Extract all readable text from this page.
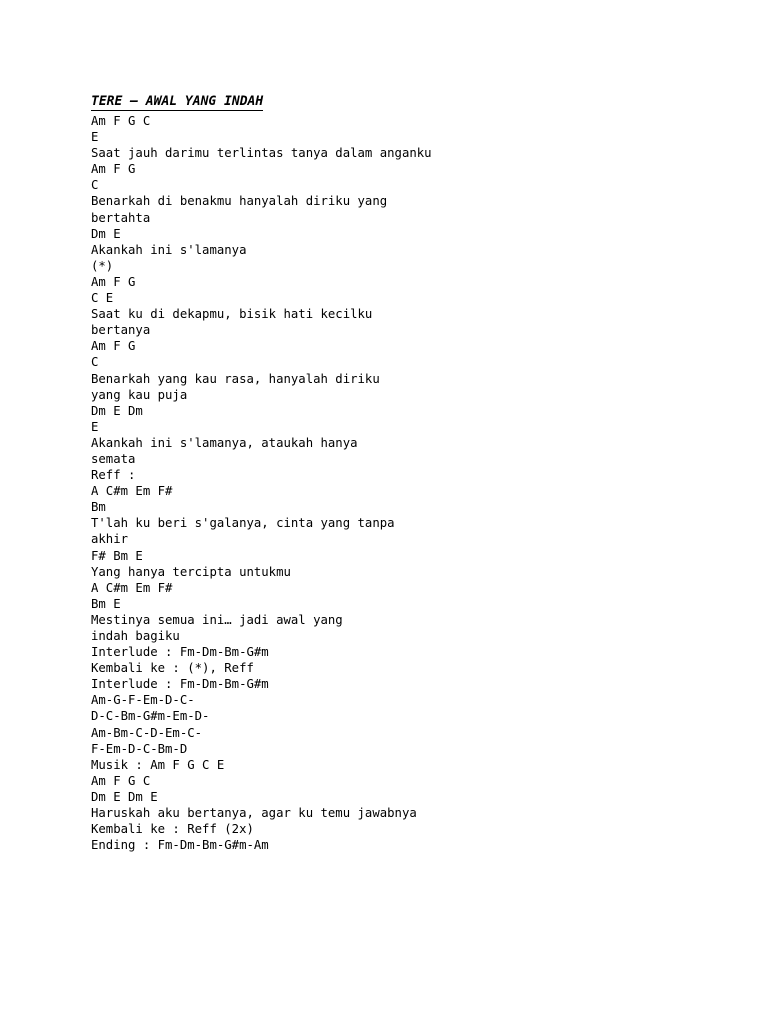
TERE – AWAL YANG INDAH
Am F G C
E
Saat jauh darimu terlintas tanya dalam anganku
Am F G
C
Benarkah di benakmu hanyalah diriku yang
bertahta
Dm E
Akankah ini s'lamanya
(*)
Am F G
C E
Saat ku di dekapmu, bisik hati kecilku
bertanya
Am F G
C
Benarkah yang kau rasa, hanyalah diriku
yang kau puja
Dm E Dm
E
Akankah ini s'lamanya, ataukah hanya
semata
Reff :
A C#m Em F#
Bm
T'lah ku beri s'galanya, cinta yang tanpa
akhir
F# Bm E
Yang hanya tercipta untukmu
A C#m Em F#
Bm E
Mestinya semua ini… jadi awal yang
indah bagiku
Interlude : Fm-Dm-Bm-G#m
Kembali ke : (*), Reff
Interlude : Fm-Dm-Bm-G#m
Am-G-F-Em-D-C-
D-C-Bm-G#m-Em-D-
Am-Bm-C-D-Em-C-
F-Em-D-C-Bm-D
Musik : Am F G C E
Am F G C
Dm E Dm E
Haruskah aku bertanya, agar ku temu jawabnya
Kembali ke : Reff (2x)
Ending : Fm-Dm-Bm-G#m-Am
